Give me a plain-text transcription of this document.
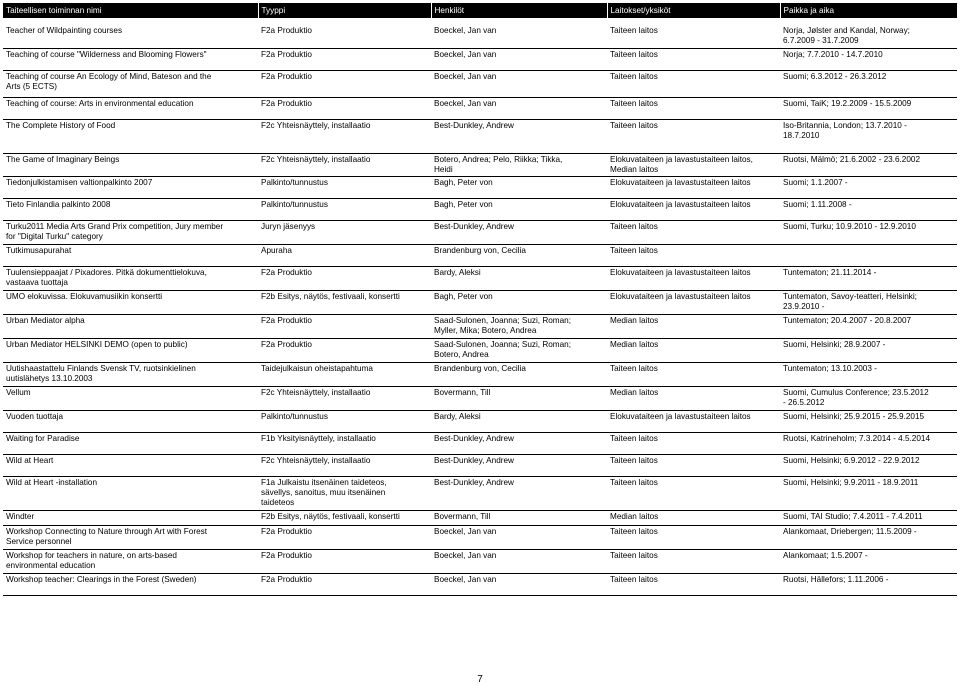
Taiteellisen toiminnan nimi	Tyyppi	Henkilöt	Laitokset/yksiköt	Paikka ja aika

Teacher of Wildpainting courses	F2a Produktio	Boeckel, Jan van	Taiteen laitos	Norja, Jølster and Kandal, Norway;
6.7.2009 - 31.7.2009
Teaching of course "Wilderness and Blooming Flowers"	F2a Produktio	Boeckel, Jan van	Taiteen laitos	Norja; 7.7.2010 - 14.7.2010
Teaching of course An Ecology of Mind, Bateson and the
Arts (5 ECTS)	F2a Produktio	Boeckel, Jan van	Taiteen laitos	Suomi; 6.3.2012 - 26.3.2012
Teaching of course: Arts in environmental education	F2a Produktio	Boeckel, Jan van	Taiteen laitos	Suomi, TaiK; 19.2.2009 - 15.5.2009
The Complete History of Food	F2c Yhteisnäyttely, installaatio	Best-Dunkley, Andrew	Taiteen laitos	Iso-Britannia, London; 13.7.2010 -
18.7.2010
The Game of Imaginary Beings	F2c Yhteisnäyttely, installaatio	Botero, Andrea; Pelo, Riikka; Tikka,
Heidi	Elokuvataiteen ja lavastustaiteen laitos,
Median laitos	Ruotsi, Mälmö; 21.6.2002 - 23.6.2002
Tiedonjulkistamisen valtionpalkinto 2007	Palkinto/tunnustus	Bagh, Peter von	Elokuvataiteen ja lavastustaiteen laitos	Suomi; 1.1.2007 -
Tieto Finlandia palkinto 2008	Palkinto/tunnustus	Bagh, Peter von	Elokuvataiteen ja lavastustaiteen laitos	Suomi; 1.11.2008 -
Turku2011 Media Arts Grand Prix competition, Jury member
for "Digital Turku" category	Juryn jäsenyys	Best-Dunkley, Andrew	Taiteen laitos	Suomi, Turku; 10.9.2010 - 12.9.2010
Tutkimusapurahat	Apuraha	Brandenburg von, Cecilia	Taiteen laitos	
Tuulensieppaajat / Pixadores. Pitkä dokumenttielokuva,
vastaava tuottaja	F2a Produktio	Bardy, Aleksi	Elokuvataiteen ja lavastustaiteen laitos	Tuntematon; 21.11.2014 -
UMO elokuvissa. Elokuvamusiikin konsertti	F2b Esitys, näytös, festivaali, konsertti	Bagh, Peter von	Elokuvataiteen ja lavastustaiteen laitos	Tuntematon, Savoy-teatteri, Helsinki;
23.9.2010 -
Urban Mediator alpha	F2a Produktio	Saad-Sulonen, Joanna; Suzi, Roman;
Myller, Mika; Botero, Andrea	Median laitos	Tuntematon; 20.4.2007 - 20.8.2007
Urban Mediator HELSINKI DEMO (open to public)	F2a Produktio	Saad-Sulonen, Joanna; Suzi, Roman;
Botero, Andrea	Median laitos	Suomi, Helsinki; 28.9.2007 -
Uutishaastattelu Finlands Svensk TV, ruotsinkielinen
uutislähetys 13.10.2003	Taidejulkaisun oheistapahtuma	Brandenburg von, Cecilia	Taiteen laitos	Tuntematon; 13.10.2003 -
Vellum	F2c Yhteisnäyttely, installaatio	Bovermann, Till	Median laitos	Suomi, Cumulus Conference; 23.5.2012
- 26.5.2012
Vuoden tuottaja	Palkinto/tunnustus	Bardy, Aleksi	Elokuvataiteen ja lavastustaiteen laitos	Suomi, Helsinki; 25.9.2015 - 25.9.2015
Waiting for Paradise	F1b Yksityisnäyttely, installaatio	Best-Dunkley, Andrew	Taiteen laitos	Ruotsi, Katrineholm; 7.3.2014 - 4.5.2014
Wild at Heart	F2c Yhteisnäyttely, installaatio	Best-Dunkley, Andrew	Taiteen laitos	Suomi, Helsinki; 6.9.2012 - 22.9.2012
Wild at Heart -installation	F1a Julkaistu itsenäinen taideteos,
sävellys, sanoitus, muu itsenäinen
taideteos	Best-Dunkley, Andrew	Taiteen laitos	Suomi, Helsinki; 9.9.2011 - 18.9.2011
Windter	F2b Esitys, näytös, festivaali, konsertti	Bovermann, Till	Median laitos	Suomi, TAI Studio; 7.4.2011 - 7.4.2011
Workshop Connecting to Nature through Art with Forest
Service personnel	F2a Produktio	Boeckel, Jan van	Taiteen laitos	Alankomaat, Driebergen; 11.5.2009 -
Workshop for teachers in nature, on arts-based
environmental education	F2a Produktio	Boeckel, Jan van	Taiteen laitos	Alankomaat; 1.5.2007 -
Workshop teacher: Clearings in the Forest (Sweden)	F2a Produktio	Boeckel, Jan van	Taiteen laitos	Ruotsi, Hällefors; 1.11.2006 -
7
